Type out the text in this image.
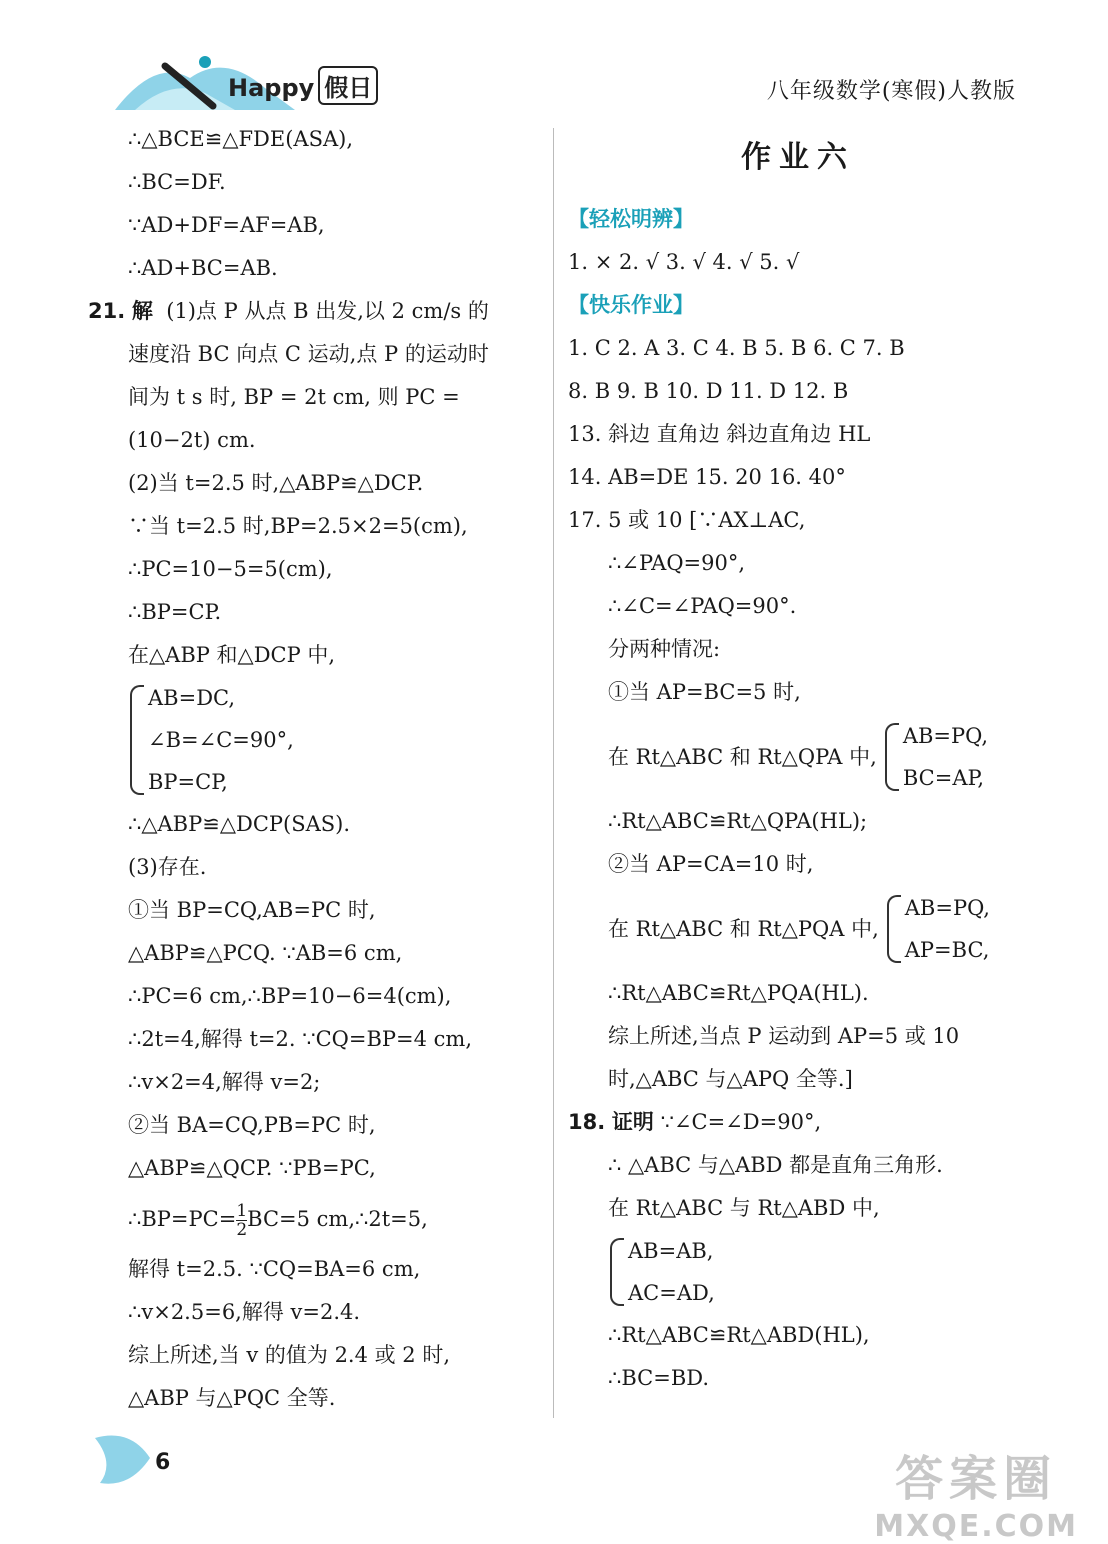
Happy 假日	八年级数学(寒假)人教版
∴△BCE≌△FDE(ASA),
∴BC=DF.
∵AD+DF=AF=AB,
∴AD+BC=AB.
21. 解 (1)点 P 从点 B 出发,以 2 cm/s 的
速度沿 BC 向点 C 运动,点 P 的运动时
间为 t s 时, BP = 2t cm, 则 PC =
(10−2t) cm.
(2)当 t=2.5 时,△ABP≌△DCP.
∵当 t=2.5 时,BP=2.5×2=5(cm),
∴PC=10−5=5(cm),
∴BP=CP.
在△ABP 和△DCP 中,
AB=DC,
∠B=∠C=90°,
BP=CP,
∴△ABP≌△DCP(SAS).
(3)存在.
①当 BP=CQ,AB=PC 时,
△ABP≌△PCQ. ∵AB=6 cm,
∴PC=6 cm,∴BP=10−6=4(cm),
∴2t=4,解得 t=2. ∵CQ=BP=4 cm,
∴v×2=4,解得 v=2;
②当 BA=CQ,PB=PC 时,
△ABP≌△QCP. ∵PB=PC,
∴BP=PC= $\frac{1}{2} BC=5$ cm,∴2t=5,
解得 t=2.5. ∵CQ=BA=6 cm,
∴v×2.5=6,解得 v=2.4.
综上所述,当 v 的值为 2.4 或 2 时,
△ABP 与△PQC 全等.
作业六
【轻松明辨】
1. × 2. √ 3. √ 4. √ 5. √
【快乐作业】
1. C 2. A 3. C 4. B 5. B 6. C 7. B
8. B 9. B 10. D 11. D 12. B
13. 斜边 直角边 斜边直角边 HL
14. AB=DE 15. 20 16. 40°
17. 5 或 10 [∵AX⊥AC,
∴∠PAQ=90°,
∴∠C=∠PAQ=90°.
分两种情况:
①当 AP=BC=5 时,
在 Rt△ABC 和 Rt△QPA 中,
AB=PQ,
BC=AP,
∴Rt△ABC≌Rt△QPA(HL);
②当 AP=CA=10 时,
在 Rt△ABC 和 Rt△PQA 中,
AB=PQ,
AP=BC,
∴Rt△ABC≌Rt△PQA(HL).
综上所述,当点 P 运动到 AP=5 或 10
时,△ABC 与△APQ 全等.]
18. 证明 ∵∠C=∠D=90°,
∴ △ABC 与△ABD 都是直角三角形.
在 Rt△ABC 与 Rt△ABD 中,
AB=AB,
AC=AD,
∴Rt△ABC≌Rt△ABD(HL),
∴BC=BD.
6	答案圈
MXQE.COM
